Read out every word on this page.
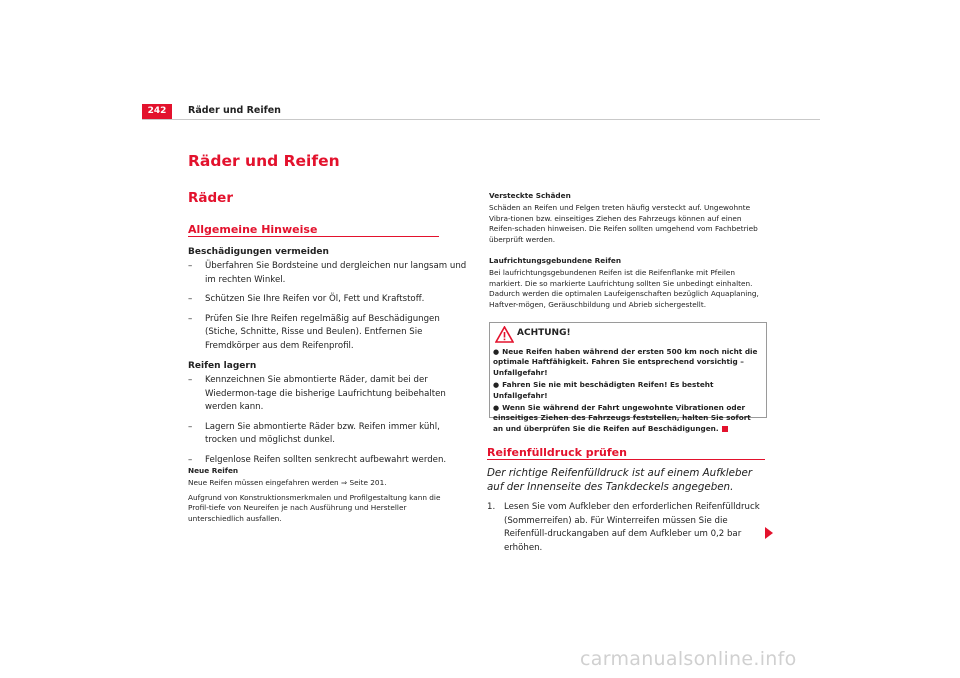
242	Räder und Reifen
Räder und Reifen
Räder
Allgemeine Hinweise
Beschädigungen vermeiden
– Überfahren Sie Bordsteine und dergleichen nur langsam und im rechten Winkel.
– Schützen Sie Ihre Reifen vor Öl, Fett und Kraftstoff.
– Prüfen Sie Ihre Reifen regelmäßig auf Beschädigungen (Stiche, Schnitte, Risse und Beulen). Entfernen Sie Fremdkörper aus dem Reifenprofil.
Reifen lagern
– Kennzeichnen Sie abmontierte Räder, damit bei der Wiedermon-tage die bisherige Laufrichtung beibehalten werden kann.
– Lagern Sie abmontierte Räder bzw. Reifen immer kühl, trocken und möglichst dunkel.
– Felgenlose Reifen sollten senkrecht aufbewahrt werden.
Neue Reifen
Neue Reifen müssen eingefahren werden ⇒ Seite 201.
Aufgrund von Konstruktionsmerkmalen und Profilgestaltung kann die Profil-tiefe von Neureifen je nach Ausführung und Hersteller unterschiedlich ausfallen.
Versteckte Schäden
Schäden an Reifen und Felgen treten häufig versteckt auf. Ungewohnte Vibra-tionen bzw. einseitiges Ziehen des Fahrzeugs können auf einen Reifen-schaden hinweisen. Die Reifen sollten umgehend vom Fachbetrieb überprüft werden.
Laufrichtungsgebundene Reifen
Bei laufrichtungsgebundenen Reifen ist die Reifenflanke mit Pfeilen markiert. Die so markierte Laufrichtung sollten Sie unbedingt einhalten. Dadurch werden die optimalen Laufeigenschaften bezüglich Aquaplaning, Haftver-mögen, Geräuschbildung und Abrieb sichergestellt.
ACHTUNG!
● Neue Reifen haben während der ersten 500 km noch nicht die optimale Haftfähigkeit. Fahren Sie entsprechend vorsichtig – Unfallgefahr!
● Fahren Sie nie mit beschädigten Reifen! Es besteht Unfallgefahr!
● Wenn Sie während der Fahrt ungewohnte Vibrationen oder einseitiges Ziehen des Fahrzeugs feststellen, halten Sie sofort an und überprüfen Sie die Reifen auf Beschädigungen.
Reifenfülldruck prüfen
Der richtige Reifenfülldruck ist auf einem Aufkleber auf der Innenseite des Tankdeckels angegeben.
1.	Lesen Sie vom Aufkleber den erforderlichen Reifenfülldruck (Sommerreifen) ab. Für Winterreifen müssen Sie die Reifenfüll-druckangaben auf dem Aufkleber um 0,2 bar erhöhen.
carmanualsonline.info
